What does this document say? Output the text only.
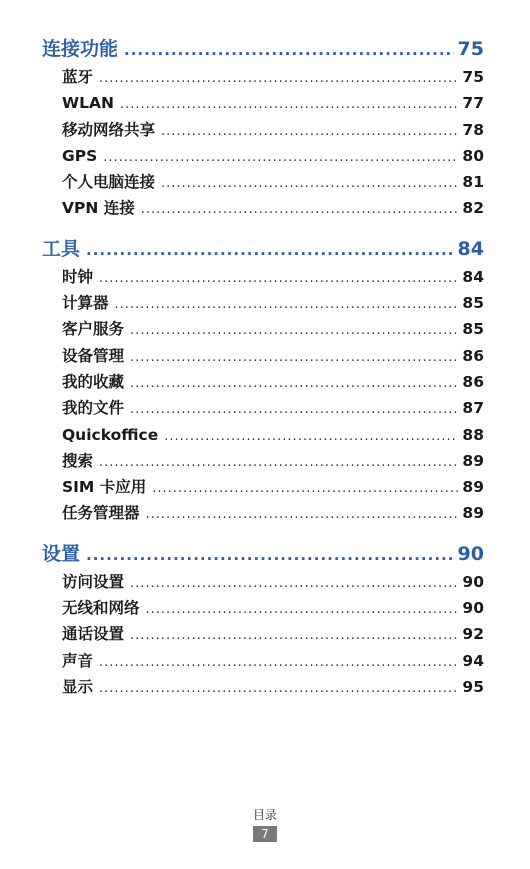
连接功能 .....	75
蓝牙 .....	75
WLAN .....	77
移动网络共享 .....	78
GPS .....	80
个人电脑连接 .....	81
VPN 连接 .....	82
工具 .....	84
时钟 .....	84
计算器 .....	85
客户服务 .....	85
设备管理 .....	86
我的收藏 .....	86
我的文件 .....	87
Quickoffice .....	88
搜索 .....	89
SIM 卡应用 .....	89
任务管理器 .....	89
设置 .....	90
访问设置 .....	90
无线和网络 .....	90
通话设置 .....	92
声音 .....	94
显示 .....	95
目录
7
